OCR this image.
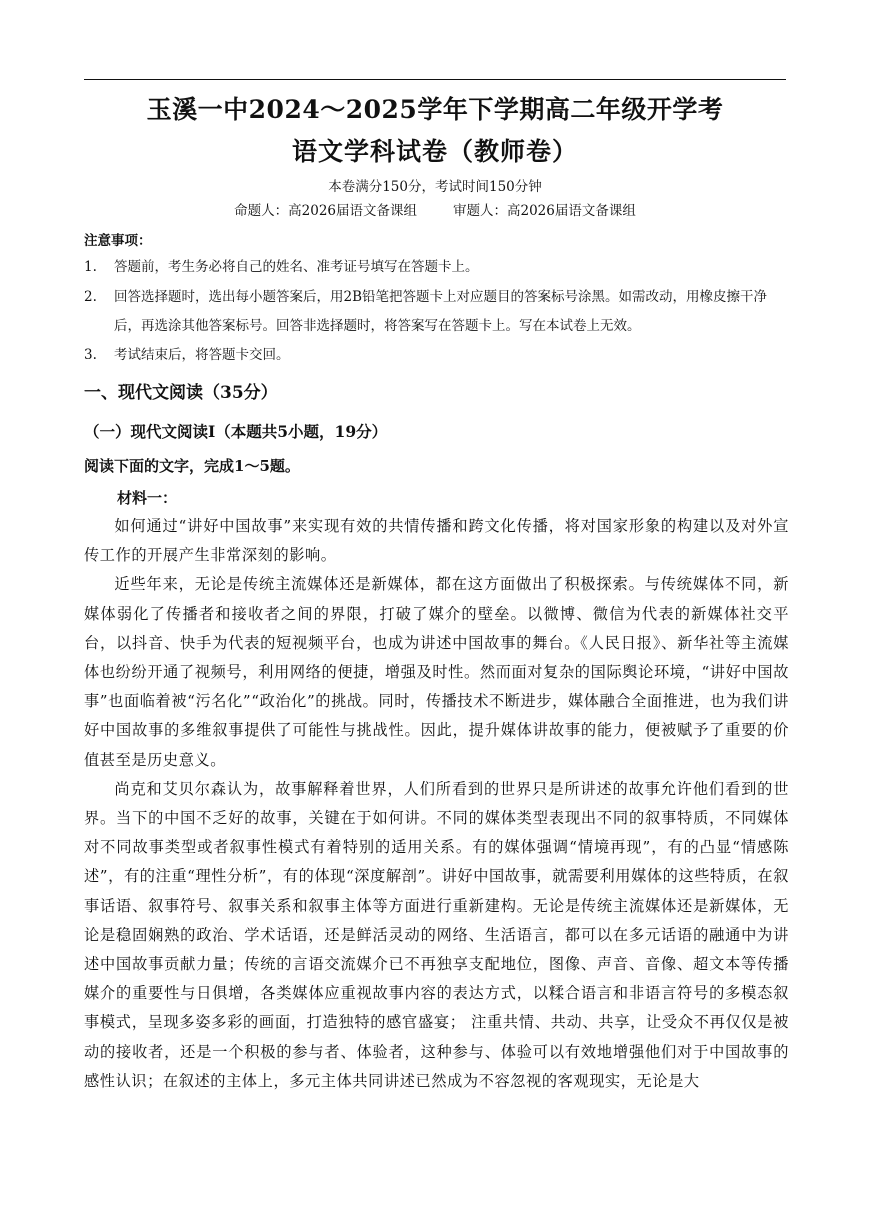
玉溪一中2024～2025学年下学期高二年级开学考
语文学科试卷（教师卷）
本卷满分150分，考试时间150分钟
命题人：高2026届语文备课组	审题人：高2026届语文备课组
注意事项：
1. 答题前，考生务必将自己的姓名、准考证号填写在答题卡上。
2. 回答选择题时，选出每小题答案后，用2B铅笔把答题卡上对应题目的答案标号涂黑。如需改动，用橡皮擦干净后，再选涂其他答案标号。回答非选择题时，将答案写在答题卡上。写在本试卷上无效。
3. 考试结束后，将答题卡交回。
一、现代文阅读（35分）
（一）现代文阅读Ⅰ（本题共5小题，19分）
阅读下面的文字，完成1～5题。
材料一：

如何通过“讲好中国故事”来实现有效的共情传播和跨文化传播，将对国家形象的构建以及对外宣传工作的开展产生非常深刻的影响。

近些年来，无论是传统主流媒体还是新媒体，都在这方面做出了积极探索。与传统媒体不同，新媒体弱化了传播者和接收者之间的界限，打破了媒介的壁垒。以微博、微信为代表的新媒体社交平台，以抖音、快手为代表的短视频平台，也成为讲述中国故事的舞台。《人民日报》、新华社等主流媒体也纷纷开通了视频号，利用网络的便捷，增强及时性。然而面对复杂的国际舆论环境，“讲好中国故事”也面临着被“污名化”“政治化”的挑战。同时，传播技术不断进步，媒体融合全面推进，也为我们讲好中国故事的多维叙事提供了可能性与挑战性。因此，提升媒体讲故事的能力，便被赋予了重要的价值甚至是历史意义。

尚克和艾贝尔森认为，故事解释着世界，人们所看到的世界只是所讲述的故事允许他们看到的世界。当下的中国不乏好的故事，关键在于如何讲。不同的媒体类型表现出不同的叙事特质，不同媒体对不同故事类型或者叙事性模式有着特别的适用关系。有的媒体强调“情境再现”，有的凸显“情感陈述”，有的注重“理性分析”，有的体现“深度解剖”。讲好中国故事，就需要利用媒体的这些特质，在叙事话语、叙事符号、叙事关系和叙事主体等方面进行重新建构。无论是传统主流媒体还是新媒体，无论是稳固娴熟的政治、学术话语，还是鲜活灵动的网络、生活语言，都可以在多元话语的融通中为讲述中国故事贡献力量；传统的言语交流媒介已不再独享支配地位，图像、声音、音像、超文本等传播媒介的重要性与日俱增，各类媒体应重视故事内容的表达方式，以糅合语言和非语言符号的多模态叙事模式，呈现多姿多彩的画面，打造独特的感官盛宴； 注重共情、共动、共享，让受众不再仅仅是被动的接收者，还是一个积极的参与者、体验者，这种参与、体验可以有效地增强他们对于中国故事的感性认识；在叙述的主体上，多元主体共同讲述已然成为不容忽视的客观现实，无论是大
